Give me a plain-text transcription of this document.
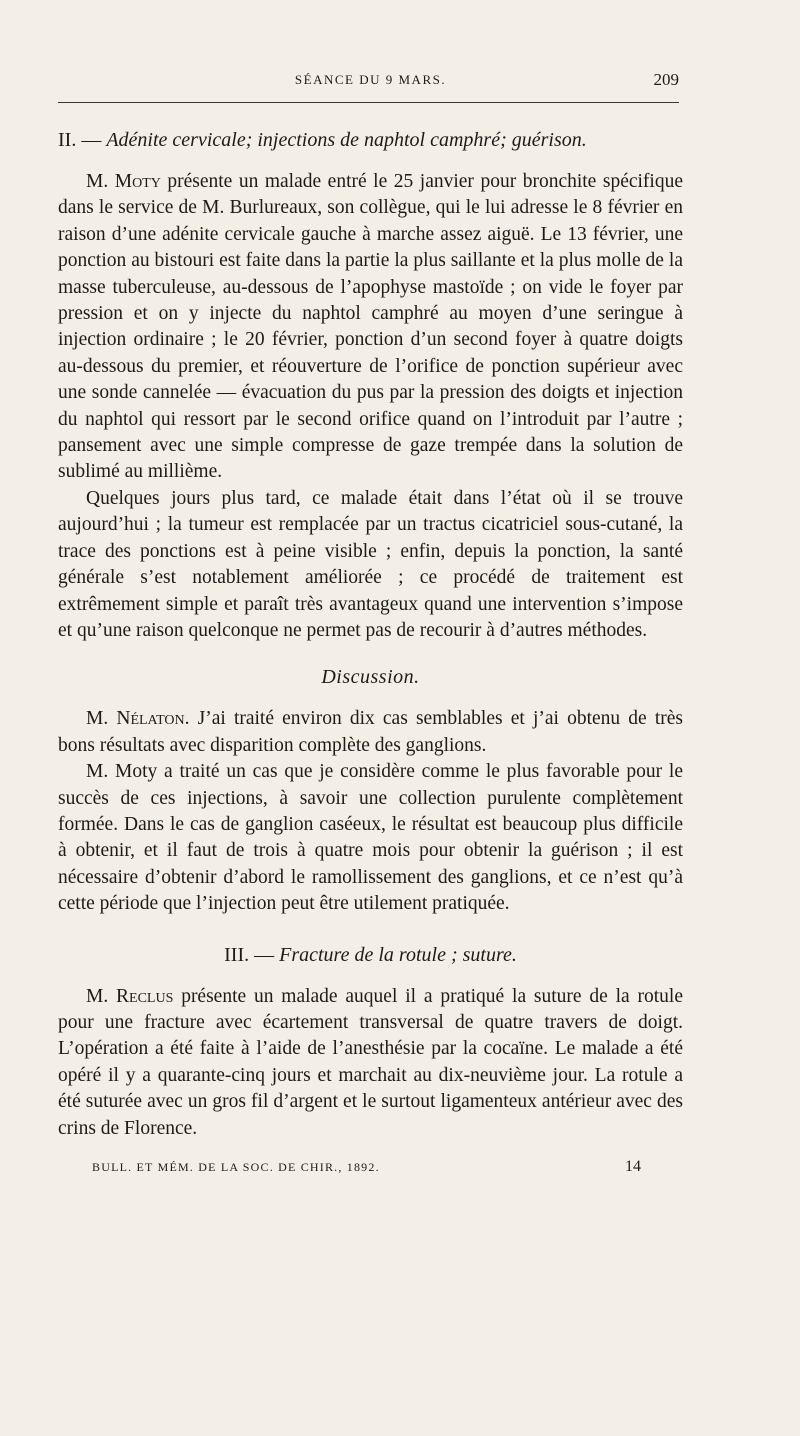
SÉANCE DU 9 MARS.	209
II. — Adénite cervicale; injections de naphtol camphré; guérison.

M. Moty présente un malade entré le 25 janvier pour bronchite spécifique dans le service de M. Burlureaux, son collègue, qui le lui adresse le 8 février en raison d’une adénite cervicale gauche à marche assez aiguë. Le 13 février, une ponction au bistouri est faite dans la partie la plus saillante et la plus molle de la masse tuberculeuse, au-dessous de l’apophyse mastoïde ; on vide le foyer par pression et on y injecte du naphtol camphré au moyen d’une seringue à injection ordinaire ; le 20 février, ponction d’un second foyer à quatre doigts au-dessous du premier, et réouverture de l’orifice de ponction supérieur avec une sonde cannelée — évacuation du pus par la pression des doigts et injection du naphtol qui ressort par le second orifice quand on l’introduit par l’autre ; pansement avec une simple compresse de gaze trempée dans la solution de sublimé au millième.

Quelques jours plus tard, ce malade était dans l’état où il se trouve aujourd’hui ; la tumeur est remplacée par un tractus cicatriciel sous-cutané, la trace des ponctions est à peine visible ; enfin, depuis la ponction, la santé générale s’est notablement améliorée ; ce procédé de traitement est extrêmement simple et paraît très avantageux quand une intervention s’impose et qu’une raison quelconque ne permet pas de recourir à d’autres méthodes.

Discussion.

M. Nélaton. J’ai traité environ dix cas semblables et j’ai obtenu de très bons résultats avec disparition complète des ganglions.

M. Moty a traité un cas que je considère comme le plus favorable pour le succès de ces injections, à savoir une collection purulente complètement formée. Dans le cas de ganglion caséeux, le résultat est beaucoup plus difficile à obtenir, et il faut de trois à quatre mois pour obtenir la guérison ; il est nécessaire d’obtenir d’abord le ramollissement des ganglions, et ce n’est qu’à cette période que l’injection peut être utilement pratiquée.

III. — Fracture de la rotule ; suture.

M. Reclus présente un malade auquel il a pratiqué la suture de la rotule pour une fracture avec écartement transversal de quatre travers de doigt. L’opération a été faite à l’aide de l’anesthésie par la cocaïne. Le malade a été opéré il y a quarante-cinq jours et marchait au dix-neuvième jour. La rotule a été suturée avec un gros fil d’argent et le surtout ligamenteux antérieur avec des crins de Florence.

BULL. ET MÉM. DE LA SOC. DE CHIR., 1892.	14
